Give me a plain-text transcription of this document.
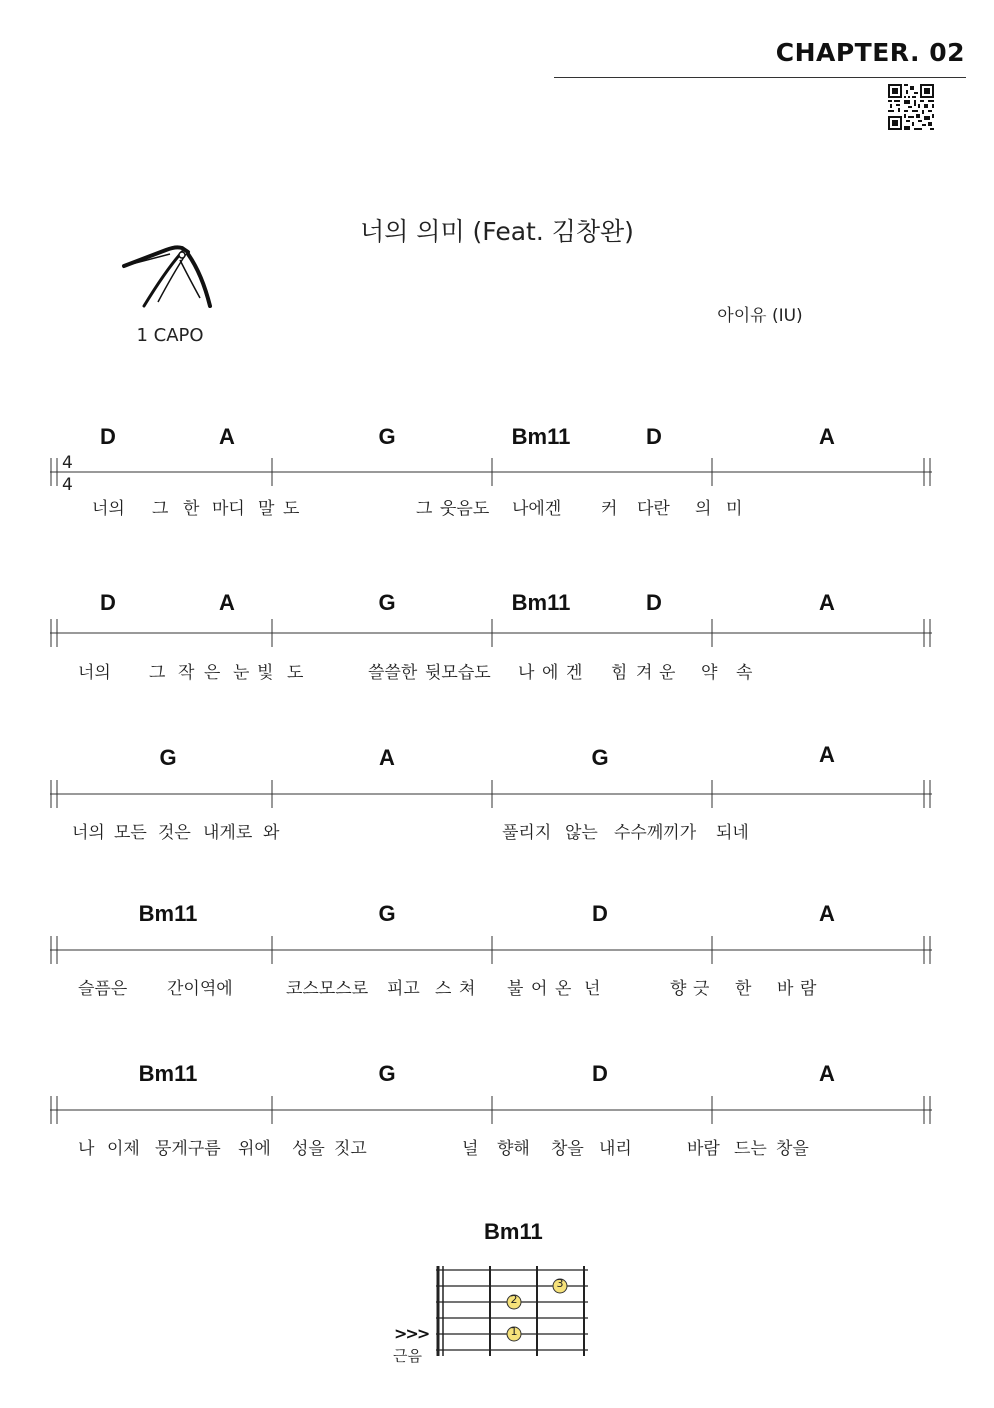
CHAPTER. 02
너의 의미 (Feat. 김창완)
아이유 (IU)
1 CAPO
4
4
D	A	G	Bm11	D	A
너의 그 한 마디 말 도	그 웃음도 나에겐 커 다란 의 미
D	A	G	Bm11	D	A
너의 그 작 은 눈 빛 도	쓸쓸한 뒷모습도 나 에 겐 힘 겨 운 약 속
G	A	G	A
너의 모든 것은 내게로 와	풀리지 않는 수수께끼가 되네
Bm11	G	D	A
슬픔은 간이역에	코스모스로 피고 스 쳐 불 어 온 넌	향 긋 한 바 람
Bm11	G	D	A
나 이제 뭉게구름 위에 성을 짓고	널 향해 창을 내리	바람 드는 창을
Bm11
3
2
1
>>>
근음
